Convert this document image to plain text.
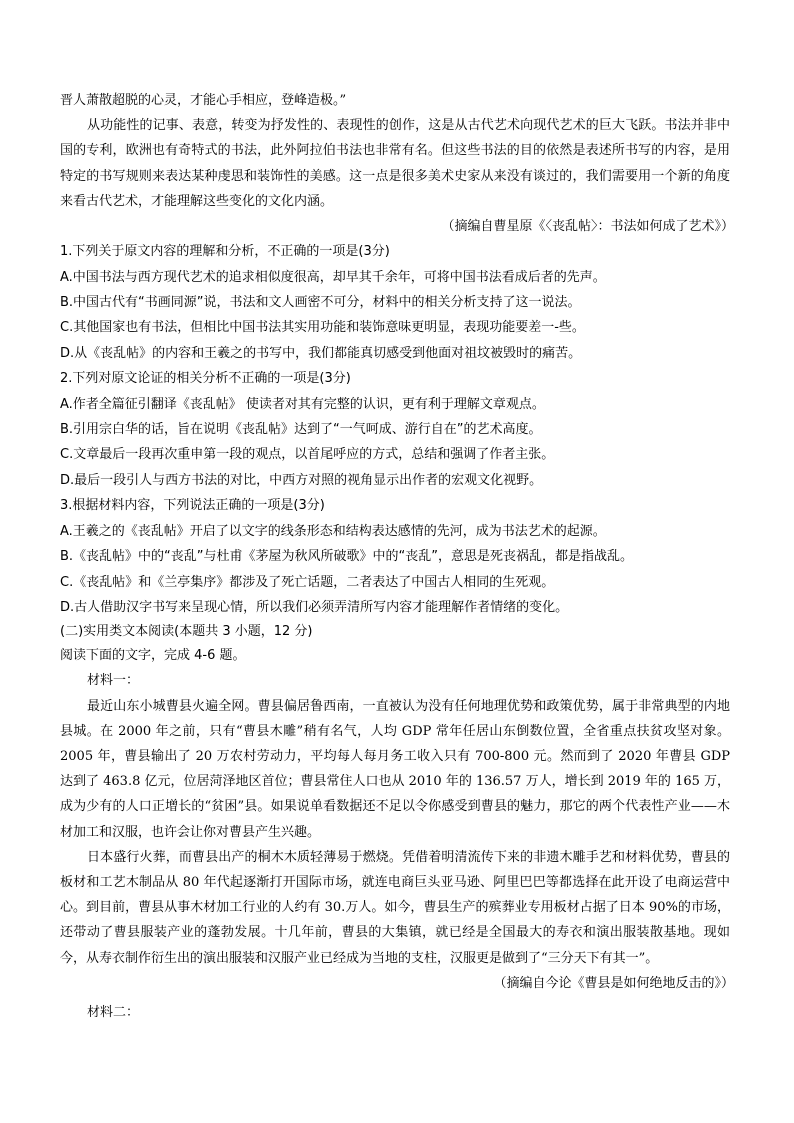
晋人萧散超脱的心灵，才能心手相应，登峰造极。”

从功能性的记事、表意，转变为抒发性的、表现性的创作，这是从古代艺术向现代艺术的巨大飞跃。书法并非中国的专利，欧洲也有奇特式的书法，此外阿拉伯书法也非常有名。但这些书法的目的依然是表述所书写的内容，是用特定的书写规则来表达某种虔思和装饰性的美感。这一点是很多美术史家从来没有谈过的，我们需要用一个新的角度来看古代艺术，才能理解这些变化的文化内涵。

（摘编自曹星原《〈丧乱帖〉：书法如何成了艺术》）

1.下列关于原文内容的理解和分析，不正确的一项是(3分)

A.中国书法与西方现代艺术的追求相似度很高，却早其千余年，可将中国书法看成后者的先声。

B.中国古代有“书画同源”说，书法和文人画密不可分，材料中的相关分析支持了这一说法。

C.其他国家也有书法，但相比中国书法其实用功能和装饰意味更明显，表现功能要差一-些。

D.从《丧乱帖》的内容和王羲之的书写中，我们都能真切感受到他面对祖坟被毁时的痛苦。

2.下列对原文论证的相关分析不正确的一项是(3分)

A.作者全篇征引翻译《丧乱帖》 使读者对其有完整的认识，更有利于理解文章观点。

B.引用宗白华的话，旨在说明《丧乱帖》达到了“一气呵成、游行自在”的艺术高度。

C.文章最后一段再次重申第一段的观点，以首尾呼应的方式，总结和强调了作者主张。

D.最后一段引人与西方书法的对比，中西方对照的视角显示出作者的宏观文化视野。

3.根据材料内容，下列说法正确的一项是(3分)

A.王羲之的《丧乱帖》开启了以文字的线条形态和结构表达感情的先河，成为书法艺术的起源。

B.《丧乱帖》中的“丧乱”与杜甫《茅屋为秋风所破歌》中的“丧乱”，意思是死丧祸乱，都是指战乱。

C.《丧乱帖》和《兰亭集序》都涉及了死亡话题，二者表达了中国古人相同的生死观。

D.古人借助汉字书写来呈现心情，所以我们必须弄清所写内容才能理解作者情绪的变化。

(二)实用类文本阅读(本题共 3 小题，12 分)

阅读下面的文字，完成 4-6 题。

材料一：

最近山东小城曹县火遍全网。曹县偏居鲁西南，一直被认为没有任何地理优势和政策优势，属于非常典型的内地县城。在 2000 年之前，只有“曹县木雕”稍有名气，人均 GDP 常年任居山东倒数位置，全省重点扶贫攻坚对象。2005 年，曹县输出了 20 万农村劳动力，平均每人每月务工收入只有 700-800 元。然而到了 2020 年曹县 GDP 达到了 463.8 亿元，位居菏泽地区首位；曹县常住人口也从 2010 年的 136.57 万人，增长到 2019 年的 165 万，成为少有的人口正增长的“贫困”县。如果说单看数据还不足以令你感受到曹县的魅力，那它的两个代表性产业——木材加工和汉服，也许会让你对曹县产生兴趣。

日本盛行火葬，而曹县出产的桐木木质轻薄易于燃烧。凭借着明清流传下来的非遗木雕手艺和材料优势，曹县的板材和工艺木制品从 80 年代起逐渐打开国际市场，就连电商巨头亚马逊、阿里巴巴等都选择在此开设了电商运营中心。到目前，曹县从事木材加工行业的人约有 30.万人。如今，曹县生产的殡葬业专用板材占据了日本 90%的市场，还带动了曹县服装产业的蓬勃发展。十几年前，曹县的大集镇，就已经是全国最大的寿衣和演出服装散基地。现如今，从寿衣制作衍生出的演出服装和汉服产业已经成为当地的支柱，汉服更是做到了“三分天下有其一”。

（摘编自今论《曹县是如何绝地反击的》）

材料二：
